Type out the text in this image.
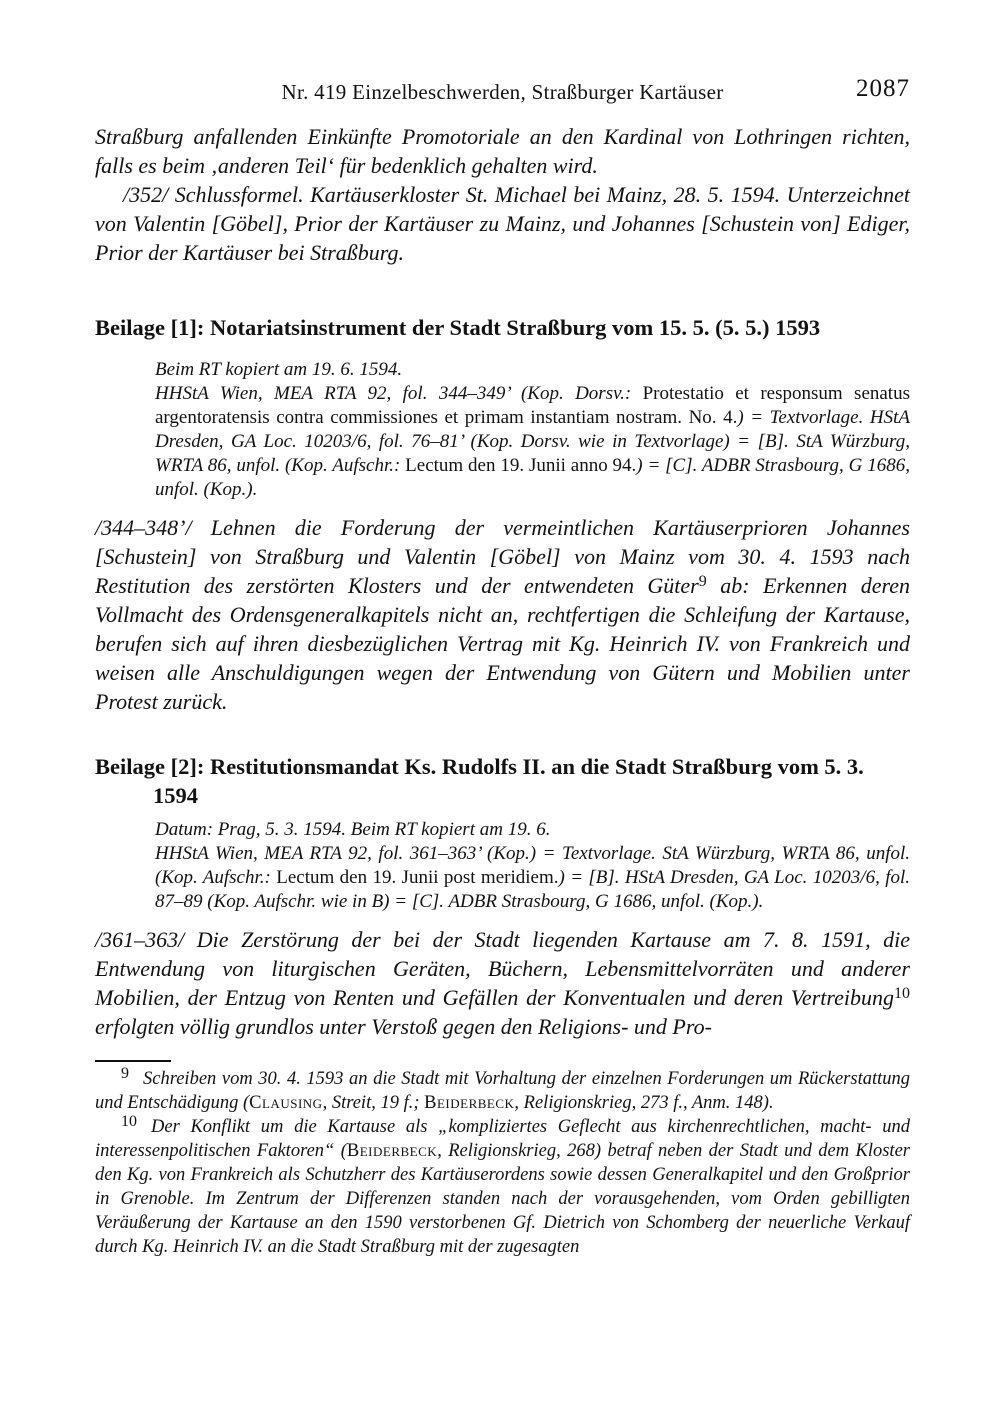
Nr. 419 Einzelbeschwerden, Straßburger Kartäuser	2087

Straßburg anfallenden Einkünfte Promotoriale an den Kardinal von Lothringen richten, falls es beim ‚anderen Teil‘ für bedenklich gehalten wird.

/352/ Schlussformel. Kartäuserkloster St. Michael bei Mainz, 28. 5. 1594. Unterzeichnet von Valentin [Göbel], Prior der Kartäuser zu Mainz, und Johannes [Schustein von] Ediger, Prior der Kartäuser bei Straßburg.

Beilage [1]: Notariatsinstrument der Stadt Straßburg vom 15. 5. (5. 5.) 1593

Beim RT kopiert am 19. 6. 1594.

HHStA Wien, MEA RTA 92, fol. 344–349’ (Kop. Dorsv.: Protestatio et responsum senatus argentoratensis contra commissiones et primam instantiam nostram. No. 4.) = Textvorlage. HStA Dresden, GA Loc. 10203/6, fol. 76–81’ (Kop. Dorsv. wie in Textvorlage) = [B]. StA Würzburg, WRTA 86, unfol. (Kop. Aufschr.: Lectum den 19. Junii anno 94.) = [C]. ADBR Strasbourg, G 1686, unfol. (Kop.).

/344–348’/ Lehnen die Forderung der vermeintlichen Kartäuserprioren Johannes [Schustein] von Straßburg und Valentin [Göbel] von Mainz vom 30. 4. 1593 nach Restitution des zerstörten Klosters und der entwendeten Güter$^9$ ab: Erkennen deren Vollmacht des Ordensgeneralkapitels nicht an, rechtfertigen die Schleifung der Kartause, berufen sich auf ihren diesbezüglichen Vertrag mit Kg. Heinrich IV. von Frankreich und weisen alle Anschuldigungen wegen der Entwendung von Gütern und Mobilien unter Protest zurück.

Beilage [2]: Restitutionsmandat Ks. Rudolfs II. an die Stadt Straßburg vom 5. 3. 1594

Datum: Prag, 5. 3. 1594. Beim RT kopiert am 19. 6.

HHStA Wien, MEA RTA 92, fol. 361–363’ (Kop.) = Textvorlage. StA Würzburg, WRTA 86, unfol. (Kop. Aufschr.: Lectum den 19. Junii post meridiem.) = [B]. HStA Dresden, GA Loc. 10203/6, fol. 87–89 (Kop. Aufschr. wie in B) = [C]. ADBR Strasbourg, G 1686, unfol. (Kop.).

/361–363/ Die Zerstörung der bei der Stadt liegenden Kartause am 7. 8. 1591, die Entwendung von liturgischen Geräten, Büchern, Lebensmittelvorräten und anderer Mobilien, der Entzug von Renten und Gefällen der Konventualen und deren Vertreibung$^{10}$ erfolgten völlig grundlos unter Verstoß gegen den Religions- und Pro-

9 Schreiben vom 30. 4. 1593 an die Stadt mit Vorhaltung der einzelnen Forderungen um Rückerstattung und Entschädigung (Clausing, Streit, 19 f.; Beiderbeck, Religionskrieg, 273 f., Anm. 148).

10 Der Konflikt um die Kartause als „kompliziertes Geflecht aus kirchenrechtlichen, macht- und interessenpolitischen Faktoren“ (Beiderbeck, Religionskrieg, 268) betraf neben der Stadt und dem Kloster den Kg. von Frankreich als Schutzherr des Kartäuserordens sowie dessen Generalkapitel und den Großprior in Grenoble. Im Zentrum der Differenzen standen nach der vorausgehenden, vom Orden gebilligten Veräußerung der Kartause an den 1590 verstorbenen Gf. Dietrich von Schomberg der neuerliche Verkauf durch Kg. Heinrich IV. an die Stadt Straßburg mit der zugesagten
